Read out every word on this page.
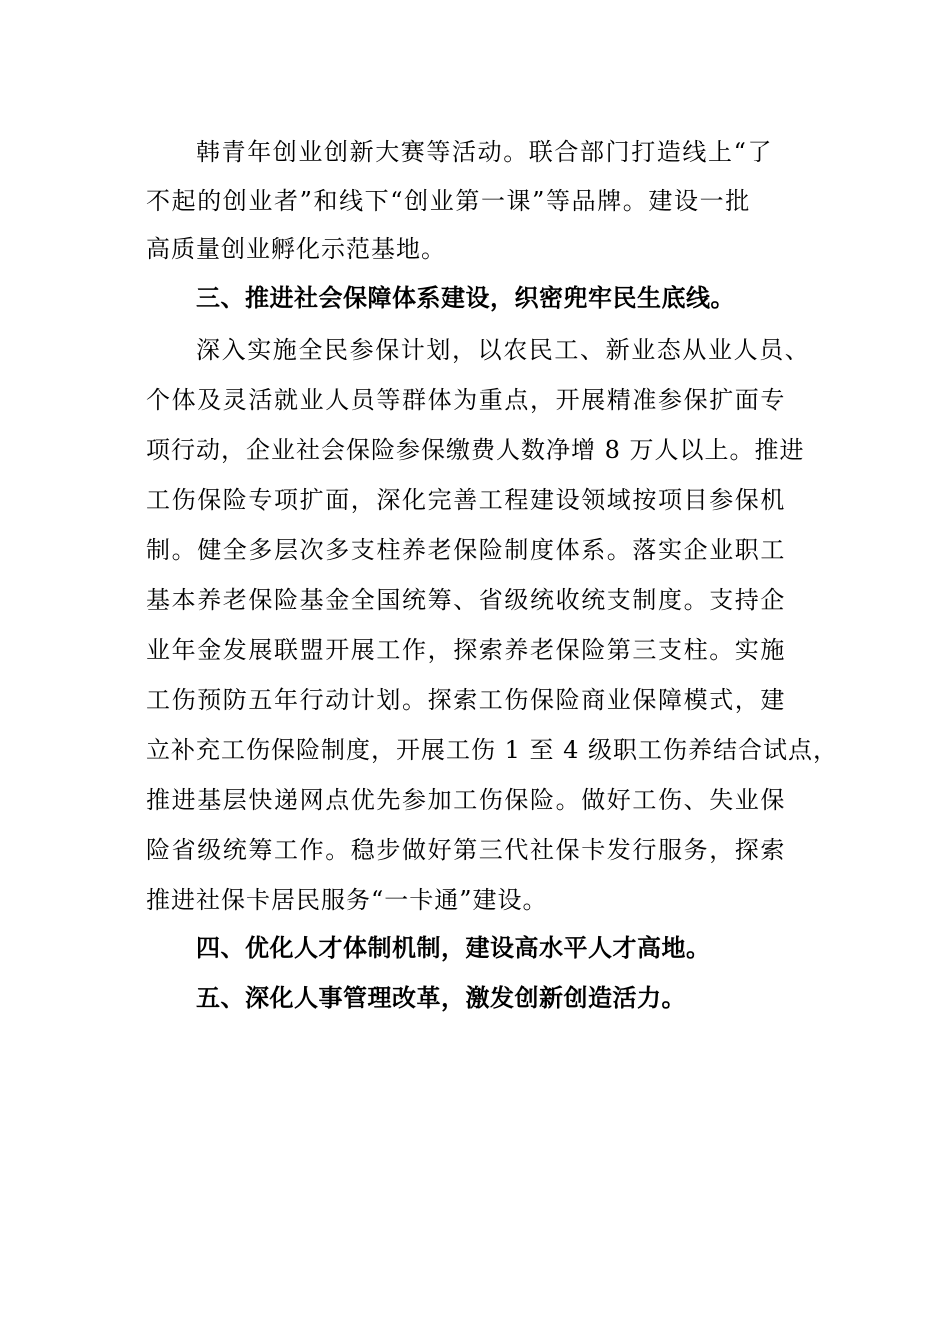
韩青年创业创新大赛等活动。联合部门打造线上“了
不起的创业者”和线下“创业第一课”等品牌。建设一批
高质量创业孵化示范基地。
三、推进社会保障体系建设，织密兜牢民生底线。
深入实施全民参保计划，以农民工、新业态从业人员、
个体及灵活就业人员等群体为重点，开展精准参保扩面专
项行动，企业社会保险参保缴费人数净增 8 万人以上。推进
工伤保险专项扩面，深化完善工程建设领域按项目参保机
制。健全多层次多支柱养老保险制度体系。落实企业职工
基本养老保险基金全国统筹、省级统收统支制度。支持企
业年金发展联盟开展工作，探索养老保险第三支柱。实施
工伤预防五年行动计划。探索工伤保险商业保障模式，建
立补充工伤保险制度，开展工伤 1 至 4 级职工伤养结合试点，
推进基层快递网点优先参加工伤保险。做好工伤、失业保
险省级统筹工作。稳步做好第三代社保卡发行服务，探索
推进社保卡居民服务“一卡通”建设。
四、优化人才体制机制，建设高水平人才高地。
五、深化人事管理改革，激发创新创造活力。
